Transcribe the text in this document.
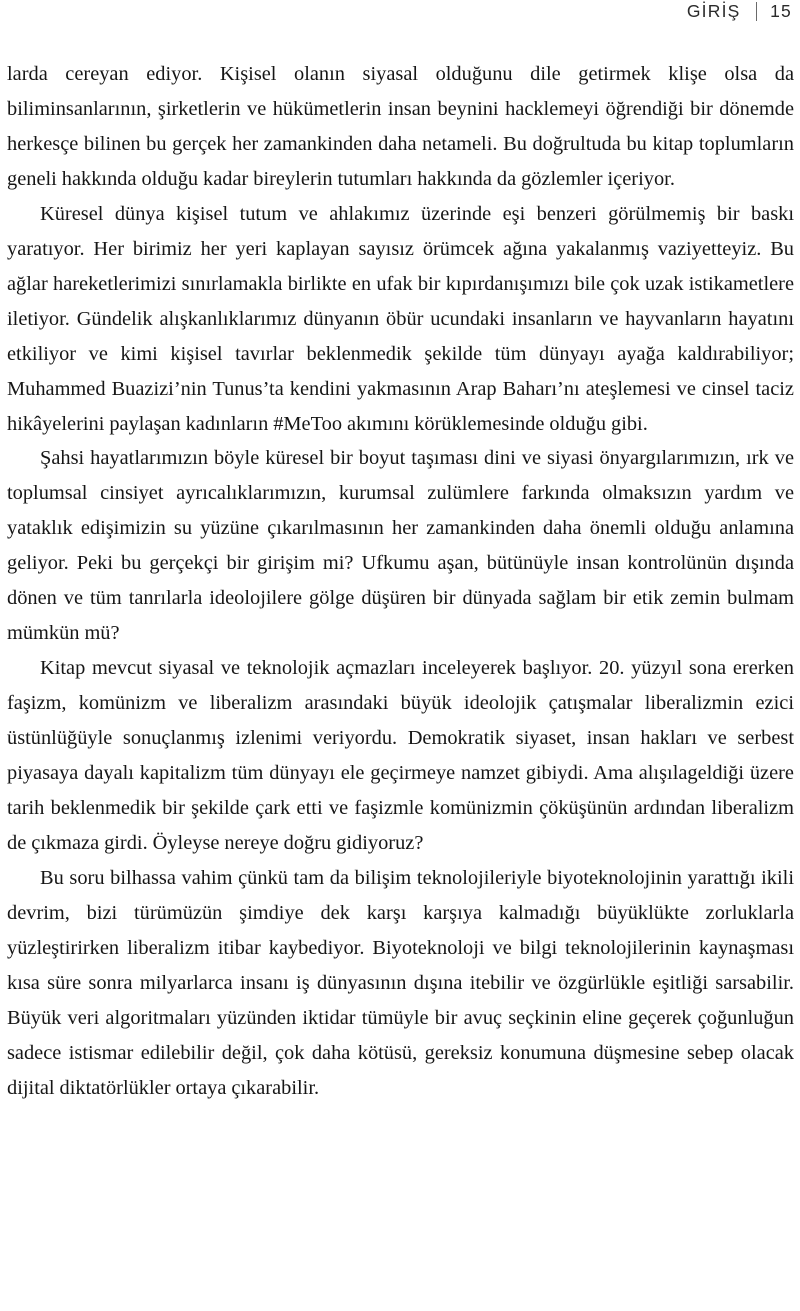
GİRİŞ 15

larda cereyan ediyor. Kişisel olanın siyasal olduğunu dile getirmek klişe olsa da biliminsanlarının, şirketlerin ve hükümetlerin insan beynini hacklemeyi öğrendiği bir dönemde herkesçe bilinen bu gerçek her zamankinden daha netameli. Bu doğrultuda bu kitap toplumların geneli hakkında olduğu kadar bireylerin tutumları hakkında da gözlemler içeriyor.

Küresel dünya kişisel tutum ve ahlakımız üzerinde eşi benzeri görülmemiş bir baskı yaratıyor. Her birimiz her yeri kaplayan sayısız örümcek ağına yakalanmış vaziyetteyiz. Bu ağlar hareketlerimizi sınırlamakla birlikte en ufak bir kıpırdanışımızı bile çok uzak istikametlere iletiyor. Gündelik alışkanlıklarımız dünyanın öbür ucundaki insanların ve hayvanların hayatını etkiliyor ve kimi kişisel tavırlar beklenmedik şekilde tüm dünyayı ayağa kaldırabiliyor; Muhammed Buazizi’nin Tunus’ta kendini yakmasının Arap Baharı’nı ateşlemesi ve cinsel taciz hikâyelerini paylaşan kadınların #MeToo akımını körüklemesinde olduğu gibi.

Şahsi hayatlarımızın böyle küresel bir boyut taşıması dini ve siyasi önyargılarımızın, ırk ve toplumsal cinsiyet ayrıcalıklarımızın, kurumsal zulümlere farkında olmaksızın yardım ve yataklık edişimizin su yüzüne çıkarılmasının her zamankinden daha önemli olduğu anlamına geliyor. Peki bu gerçekçi bir girişim mi? Ufkumu aşan, bütünüyle insan kontrolünün dışında dönen ve tüm tanrılarla ideolojilere gölge düşüren bir dünyada sağlam bir etik zemin bulmam mümkün mü?

Kitap mevcut siyasal ve teknolojik açmazları inceleyerek başlıyor. 20. yüzyıl sona ererken faşizm, komünizm ve liberalizm arasındaki büyük ideolojik çatışmalar liberalizmin ezici üstünlüğüyle sonuçlanmış izlenimi veriyordu. Demokratik siyaset, insan hakları ve serbest piyasaya dayalı kapitalizm tüm dünyayı ele geçirmeye namzet gibiydi. Ama alışılageldiği üzere tarih beklenmedik bir şekilde çark etti ve faşizmle komünizmin çöküşünün ardından liberalizm de çıkmaza girdi. Öyleyse nereye doğru gidiyoruz?

Bu soru bilhassa vahim çünkü tam da bilişim teknolojileriyle biyoteknolojinin yarattığı ikili devrim, bizi türümüzün şimdiye dek karşı karşıya kalmadığı büyüklükte zorluklarla yüzleştirirken liberalizm itibar kaybediyor. Biyoteknoloji ve bilgi teknolojilerinin kaynaşması kısa süre sonra milyarlarca insanı iş dünyasının dışına itebilir ve özgürlükle eşitliği sarsabilir. Büyük veri algoritmaları yüzünden iktidar tümüyle bir avuç seçkinin eline geçerek çoğunluğun sadece istismar edilebilir değil, çok daha kötüsü, gereksiz konumuna düşmesine sebep olacak dijital diktatörlükler ortaya çıkarabilir.
